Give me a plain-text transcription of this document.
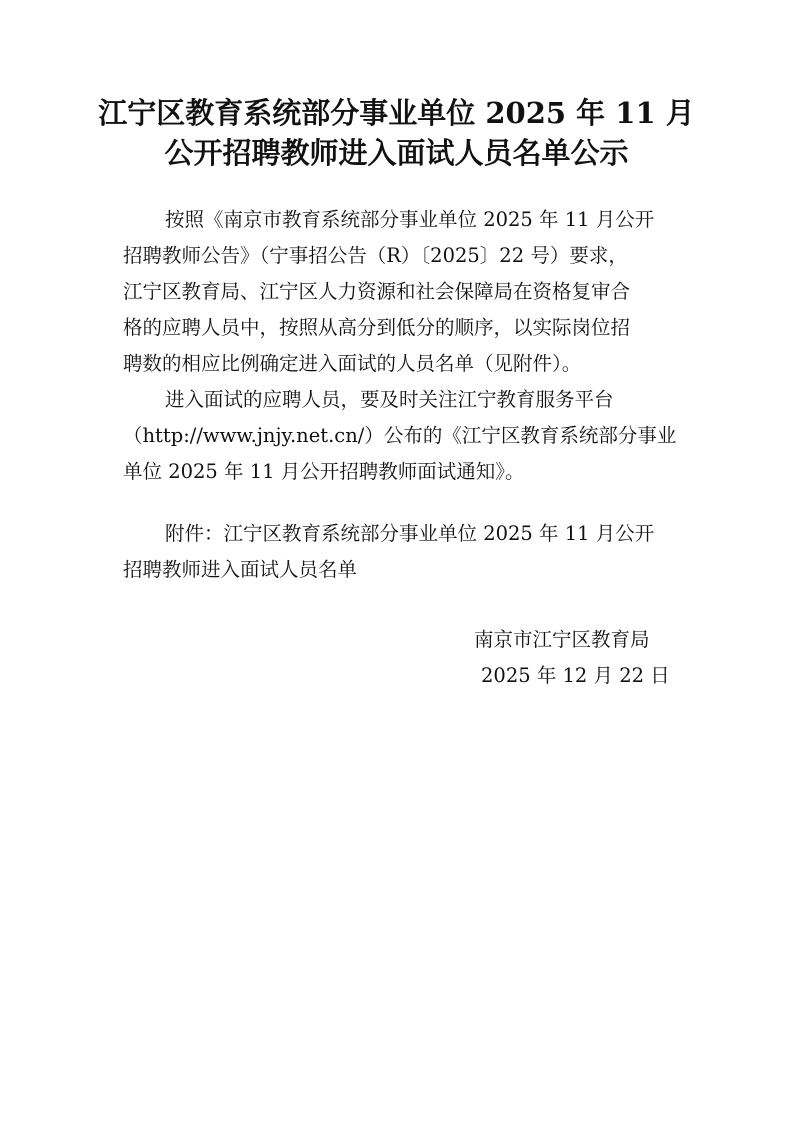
江宁区教育系统部分事业单位 2025 年 11 月
公开招聘教师进入面试人员名单公示
按照《南京市教育系统部分事业单位 2025 年 11 月公开
招聘教师公告》（宁事招公告（R）〔2025〕22 号）要求，
江宁区教育局、江宁区人力资源和社会保障局在资格复审合
格的应聘人员中，按照从高分到低分的顺序，以实际岗位招
聘数的相应比例确定进入面试的人员名单（见附件）。
进入面试的应聘人员，要及时关注江宁教育服务平台
（http://www.jnjy.net.cn/）公布的《江宁区教育系统部分事业
单位 2025 年 11 月公开招聘教师面试通知》。
附件：江宁区教育系统部分事业单位 2025 年 11 月公开
招聘教师进入面试人员名单
南京市江宁区教育局
2025 年 12 月 22 日
